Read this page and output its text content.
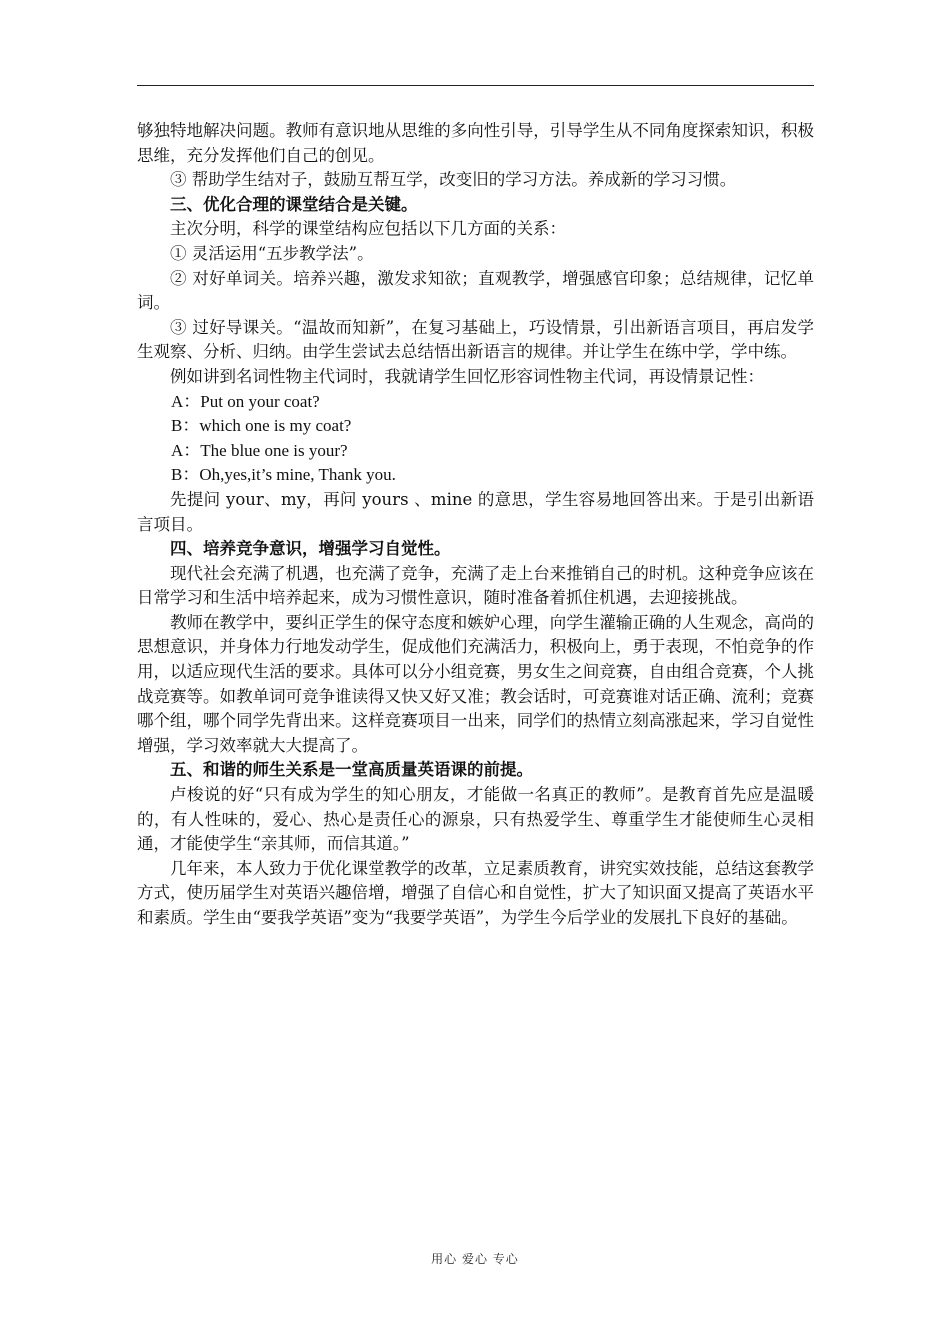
够独特地解决问题。教师有意识地从思维的多向性引导，引导学生从不同角度探索知识，积极思维，充分发挥他们自己的创见。

③ 帮助学生结对子，鼓励互帮互学，改变旧的学习方法。养成新的学习习惯。

三、优化合理的课堂结合是关键。

主次分明，科学的课堂结构应包括以下几方面的关系：

① 灵活运用“五步教学法”。

② 对好单词关。培养兴趣，激发求知欲；直观教学，增强感官印象；总结规律，记忆单词。

③ 过好导课关。“温故而知新”，在复习基础上，巧设情景，引出新语言项目，再启发学生观察、分析、归纳。由学生尝试去总结悟出新语言的规律。并让学生在练中学，学中练。

例如讲到名词性物主代词时，我就请学生回忆形容词性物主代词，再设情景记性：

A：Put on your coat?

B：which one is my coat?

A：The blue one is your?

B：Oh,yes,it’s mine, Thank you.

先提问 your、my，再问 yours 、mine 的意思，学生容易地回答出来。于是引出新语言项目。

四、培养竞争意识，增强学习自觉性。

现代社会充满了机遇，也充满了竞争，充满了走上台来推销自己的时机。这种竞争应该在日常学习和生活中培养起来，成为习惯性意识，随时准备着抓住机遇，去迎接挑战。

教师在教学中，要纠正学生的保守态度和嫉妒心理，向学生灌输正确的人生观念，高尚的思想意识，并身体力行地发动学生，促成他们充满活力，积极向上，勇于表现，不怕竞争的作用，以适应现代生活的要求。具体可以分小组竞赛，男女生之间竞赛，自由组合竞赛，个人挑战竞赛等。如教单词可竞争谁读得又快又好又准；教会话时，可竞赛谁对话正确、流利；竞赛哪个组，哪个同学先背出来。这样竞赛项目一出来，同学们的热情立刻高涨起来，学习自觉性增强，学习效率就大大提高了。

五、和谐的师生关系是一堂高质量英语课的前提。

卢梭说的好“只有成为学生的知心朋友，才能做一名真正的教师”。是教育首先应是温暖的，有人性味的，爱心、热心是责任心的源泉，只有热爱学生、尊重学生才能使师生心灵相通，才能使学生“亲其师，而信其道。”

几年来，本人致力于优化课堂教学的改革，立足素质教育，讲究实效技能，总结这套教学方式，使历届学生对英语兴趣倍增，增强了自信心和自觉性，扩大了知识面又提高了英语水平和素质。学生由“要我学英语”变为“我要学英语”，为学生今后学业的发展扎下良好的基础。

用心 爱心 专心
